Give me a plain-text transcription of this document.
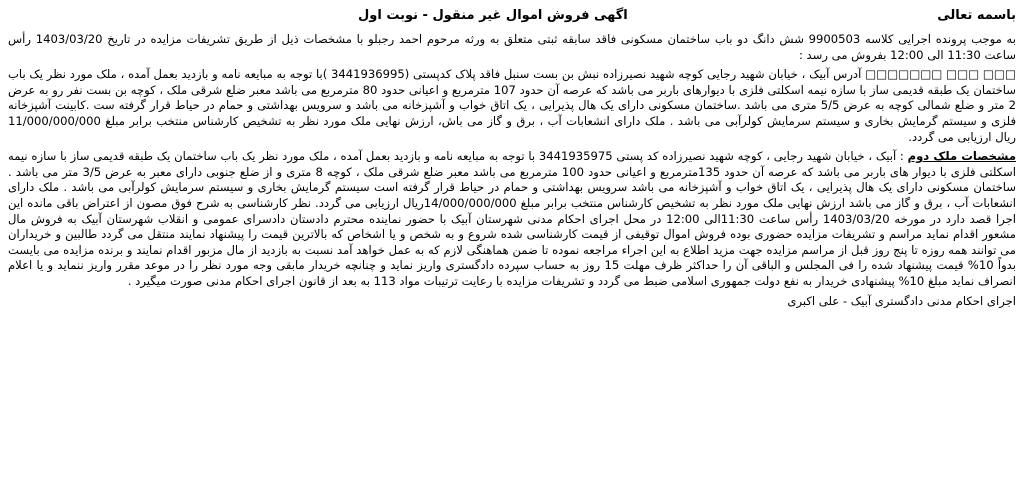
باسمه تعالی
اگهی فروش اموال غیر منقول - نوبت اول

به موجب پرونده اجرایی کلاسه 9900503 شش دانگ دو باب ساختمان مسکونی فاقد سابقه ثبتی متعلق به ورثه مرحوم احمد رجبلو با مشخصات ذیل از طریق تشریفات مزایده در تاریخ 1403/03/20 رأس ساعت 11:30 الی 12:00 بفروش می رسد :

□□□ □□□ □□□□□□□ آدرس آبیک ، خیابان شهید رجایی کوچه شهید نصیرزاده نبش بن بست سنبل فاقد پلاک کدپستی (3441936995 )با توجه به مبایعه نامه و بازدید بعمل آمده ، ملک مورد نظر یک باب ساختمان یک طبقه قدیمی ساز با سازه نیمه اسکلتی فلزی با دیوارهای باربر می باشد که عرصه آن حدود 107 مترمربع و اعیانی حدود 80 مترمربع می باشد معبر ضلع شرقی ملک ، کوچه بن بست نفر رو به عرض 2 متر و ضلع شمالی کوچه به عرض 5/5 متری می باشد .ساختمان مسکونی دارای یک هال پذیرایی ، یک اتاق خواب و آشپزخانه می باشد و سرویس بهداشتی و حمام در حیاط قرار گرفته ست .کابینت آشپزخانه فلزی و سیستم گرمایش بخاری و سیستم سرمایش کولرآبی می باشد . ملک دارای انشعابات آب ، برق و گاز می باش، ارزش نهایی ملک مورد نظر به تشخیص کارشناس منتخب برابر مبلغ 11/000/000/000 ریال ارزیابی می گردد.

مشخصات ملک دوم : آبیک ، خیابان شهید رجایی ، کوچه شهید نصیرزاده کد پستی 3441935975 با توجه به مبایعه نامه و بازدید بعمل آمده ، ملک مورد نظر یک باب ساختمان یک طبقه قدیمی ساز با سازه نیمه اسکلتی فلزی با دیوار های باربر می باشد که عرصه آن حدود 135مترمربع و اعیانی حدود 100 مترمربع می باشد معبر ضلع شرقی ملک ، کوچه 8 متری و از ضلع جنوبی دارای معبر به عرض 3/5 متر می باشد . ساختمان مسکونی دارای یک هال پذیرایی ، یک اتاق خواب و آشپزخانه می باشد سرویس بهداشتی و حمام در حیاط قرار گرفته است سیستم گرمایش بخاری و سیستم سرمایش کولرآبی می باشد . ملک دارای انشعابات آب ، برق و گاز می باشد ارزش نهایی ملک مورد نظر به تشخیص کارشناس منتخب برابر مبلغ 14/000/000/000ریال ارزیابی می گردد. نظر کارشناسی به شرح فوق مصون از اعتراض باقی مانده این اجرا قصد دارد در مورخه 1403/03/20 رأس ساعت 11:30الی 12:00 در محل اجرای احکام مدنی شهرستان آبیک با حضور نماینده محترم دادستان دادسرای عمومی و انقلاب شهرستان آبیک به فروش مال مشعور اقدام نماید مراسم و تشریفات مزایده حضوری بوده فروش اموال توقیفی از قیمت کارشناسی شده شروع و به شخص و یا اشخاص که بالاترین قیمت را پیشنهاد نمایند منتقل می گردد طالبین و خریداران می توانند همه روزه تا پنج روز قبل از مراسم مزایده جهت مزید اطلاع به این اجراء مراجعه نموده تا ضمن هماهنگی لازم که به عمل خواهد آمد نسبت به بازدید از مال مزبور اقدام نمایند و برنده مزایده می بایست بدواً 10% قیمت پیشنهاد شده را فی المجلس و الباقی آن را حداکثر ظرف مهلت 15 روز به حساب سپرده دادگستری واریز نماید و چنانچه خریدار مابقی وجه مورد نظر را در موعد مقرر واریز ننماید و یا اعلام انصراف نماید مبلغ 10% پیشنهادی خریدار به نفع دولت جمهوری اسلامی ضبط می گردد و تشریفات مزایده با رعایت ترتیبات مواد 113 به بعد از قانون اجرای احکام مدنی صورت میگیرد .

اجرای احکام مدنی دادگستری آبیک - علی اکبری
